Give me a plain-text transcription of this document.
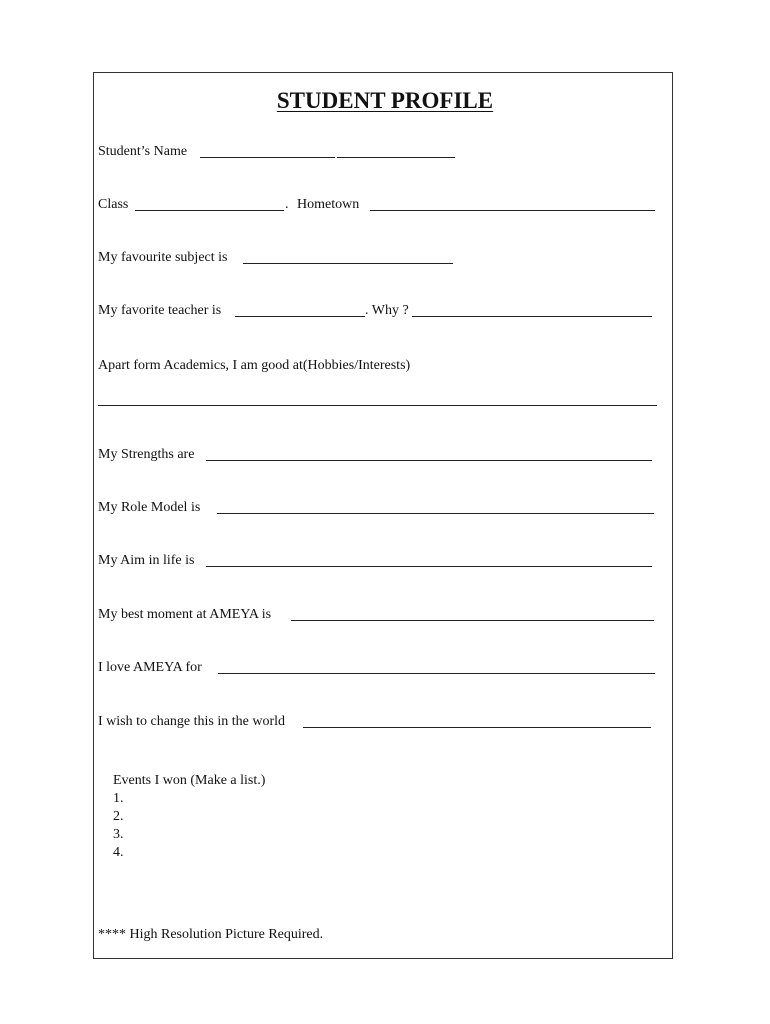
STUDENT PROFILE
Student’s Name
Class	. Hometown
My favourite subject is
My favorite teacher is	. Why ?
Apart form Academics, I am good at(Hobbies/Interests)
My Strengths are
My Role Model is
My Aim in life is
My best moment at AMEYA is
I love AMEYA for
I wish to change this in the world
Events I won (Make a list.)
1.
2.
3.
4.
**** High Resolution Picture Required.
